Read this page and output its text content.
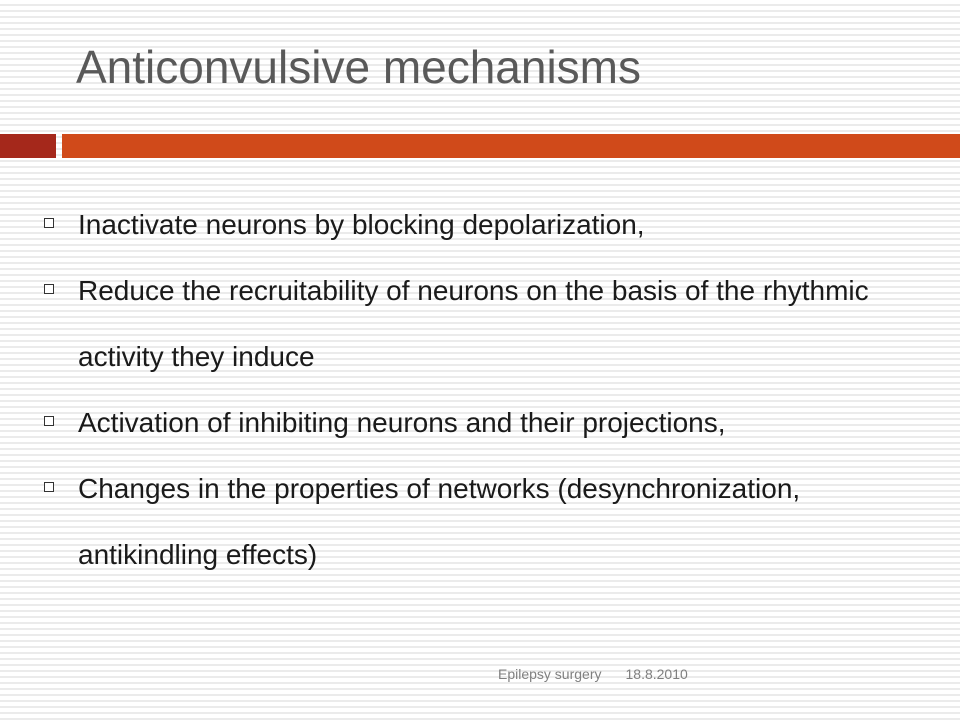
Anticonvulsive mechanisms
Inactivate neurons by blocking depolarization,
Reduce the recruitability of neurons on the basis of the rhythmic activity they induce
Activation of inhibiting neurons and their projections,
Changes in the properties of networks (desynchronization, antikindling effects)
Epilepsy surgery 18.8.2010
